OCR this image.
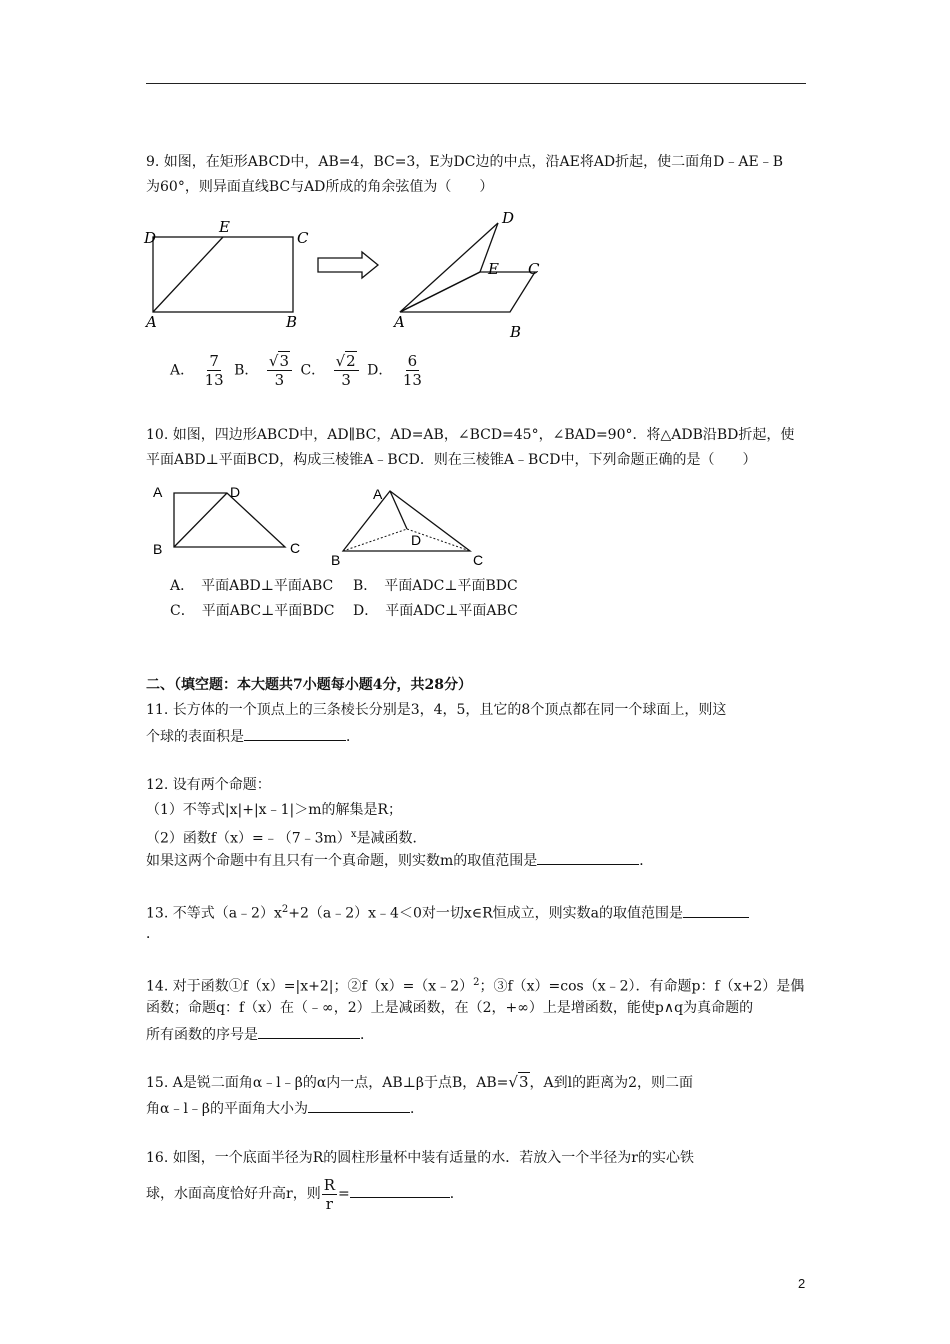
9. 如图，在矩形ABCD中，AB=4，BC=3，E为DC边的中点，沿AE将AD折起，使二面角D﹣AE﹣B
为60°，则异面直线BC与AD所成的角余弦值为（　　）
D
E
C
A	B
D
E C
A
B
A． $\frac{7}{13}$ B． $\frac{√3}{3}$ C． $\frac{√2}{3}$ D． $\frac{6}{13}$
10. 如图，四边形ABCD中，AD∥BC，AD=AB，∠BCD=45°，∠BAD=90°．将△ADB沿BD折起，使
平面ABD⊥平面BCD，构成三棱锥A﹣BCD．则在三棱锥A﹣BCD中，下列命题正确的是（　　）
A	D
B	C
A
D
B	C
A．　平面ABD⊥平面ABC B．　平面ADC⊥平面BDC
C．　平面ABC⊥平面BDC D．　平面ADC⊥平面ABC
二、（填空题：本大题共7小题每小题4分，共28分）
11. 长方体的一个顶点上的三条棱长分别是3，4，5，且它的8个顶点都在同一个球面上，则这
个球的表面积是	．
12. 设有两个命题：
（1）不等式|x|+|x﹣1|＞m的解集是R；
（2）函数f（x）=﹣（7﹣3m）$^x$是减函数．
如果这两个命题中有且只有一个真命题，则实数m的取值范围是	．
13. 不等式$(a﹣2)x^2+2(a﹣2)x﹣4<0$对一切x∈R恒成立，则实数a的取值范围是
．
14. 对于函数①f（x）=|x+2|；②f（x）=（x﹣2）$^2$；③f（x）=cos（x﹣2）．有命题p：f（x+2）是偶
函数；命题q：f（x）在（﹣∞，2）上是减函数，在（2，+∞）上是增函数，能使p∧q为真命题的
所有函数的序号是	．
15. A是锐二面角α﹣l﹣β的α内一点，AB⊥β于点B，AB=√3，A到l的距离为2，则二面
角α﹣l﹣β的平面角大小为	．
16. 如图，一个底面半径为R的圆柱形量杯中装有适量的水．若放入一个半径为r的实心铁
球，水面高度恰好升高r，则 $\frac{R}{r}$ =	．
2
